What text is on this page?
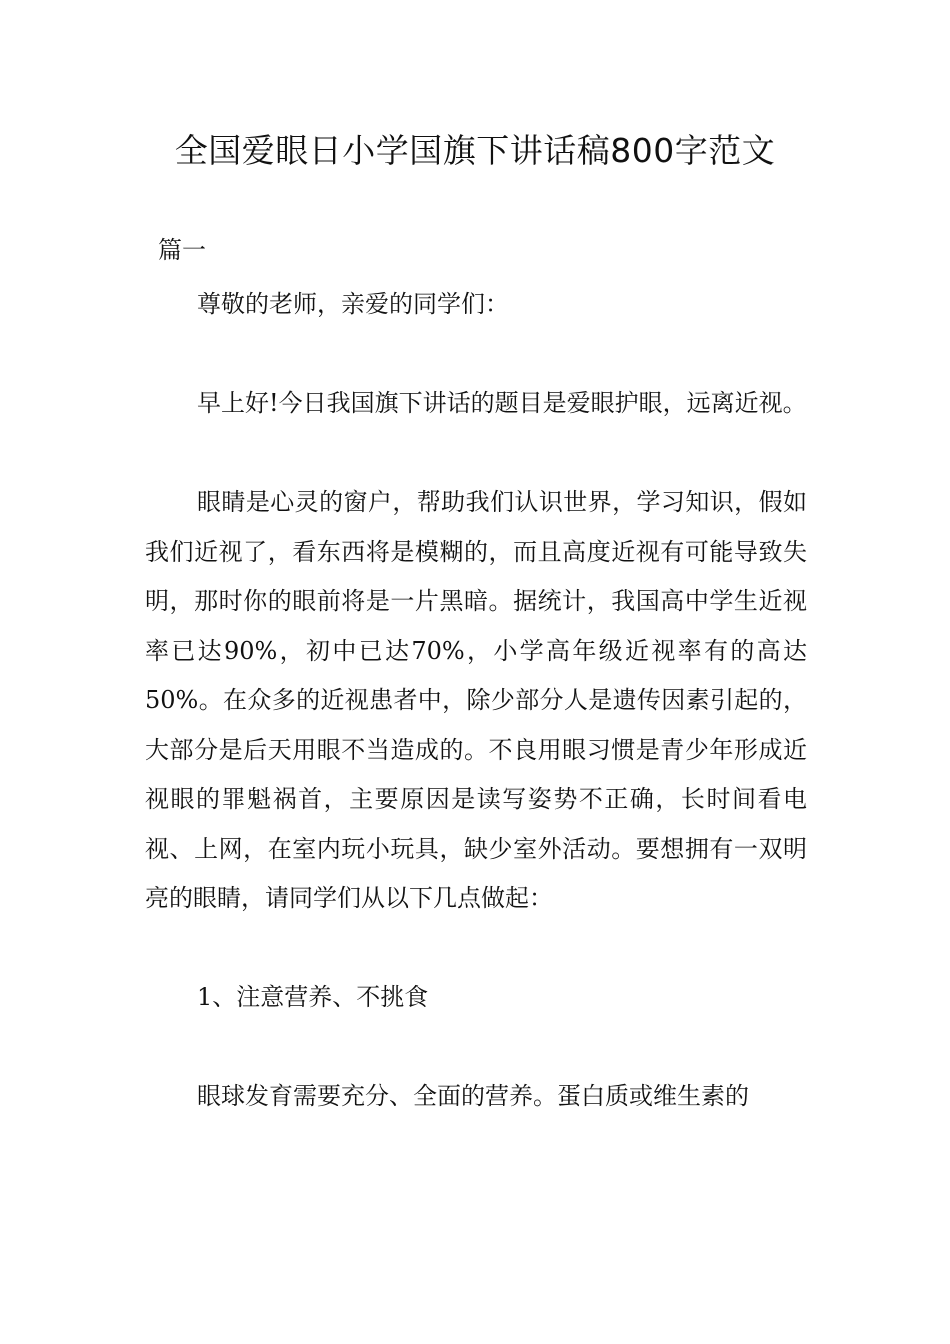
全国爱眼日小学国旗下讲话稿800字范文
篇一

尊敬的老师，亲爱的同学们：

早上好!今日我国旗下讲话的题目是爱眼护眼，远离近视。

眼睛是心灵的窗户，帮助我们认识世界，学习知识，假如我们近视了，看东西将是模糊的，而且高度近视有可能导致失明，那时你的眼前将是一片黑暗。据统计，我国高中学生近视率已达90%，初中已达70%，小学高年级近视率有的高达50%。在众多的近视患者中，除少部分人是遗传因素引起的，大部分是后天用眼不当造成的。不良用眼习惯是青少年形成近视眼的罪魁祸首，主要原因是读写姿势不正确，长时间看电视、上网，在室内玩小玩具，缺少室外活动。要想拥有一双明亮的眼睛，请同学们从以下几点做起：

1、注意营养、不挑食

眼球发育需要充分、全面的营养。蛋白质或维生素的
